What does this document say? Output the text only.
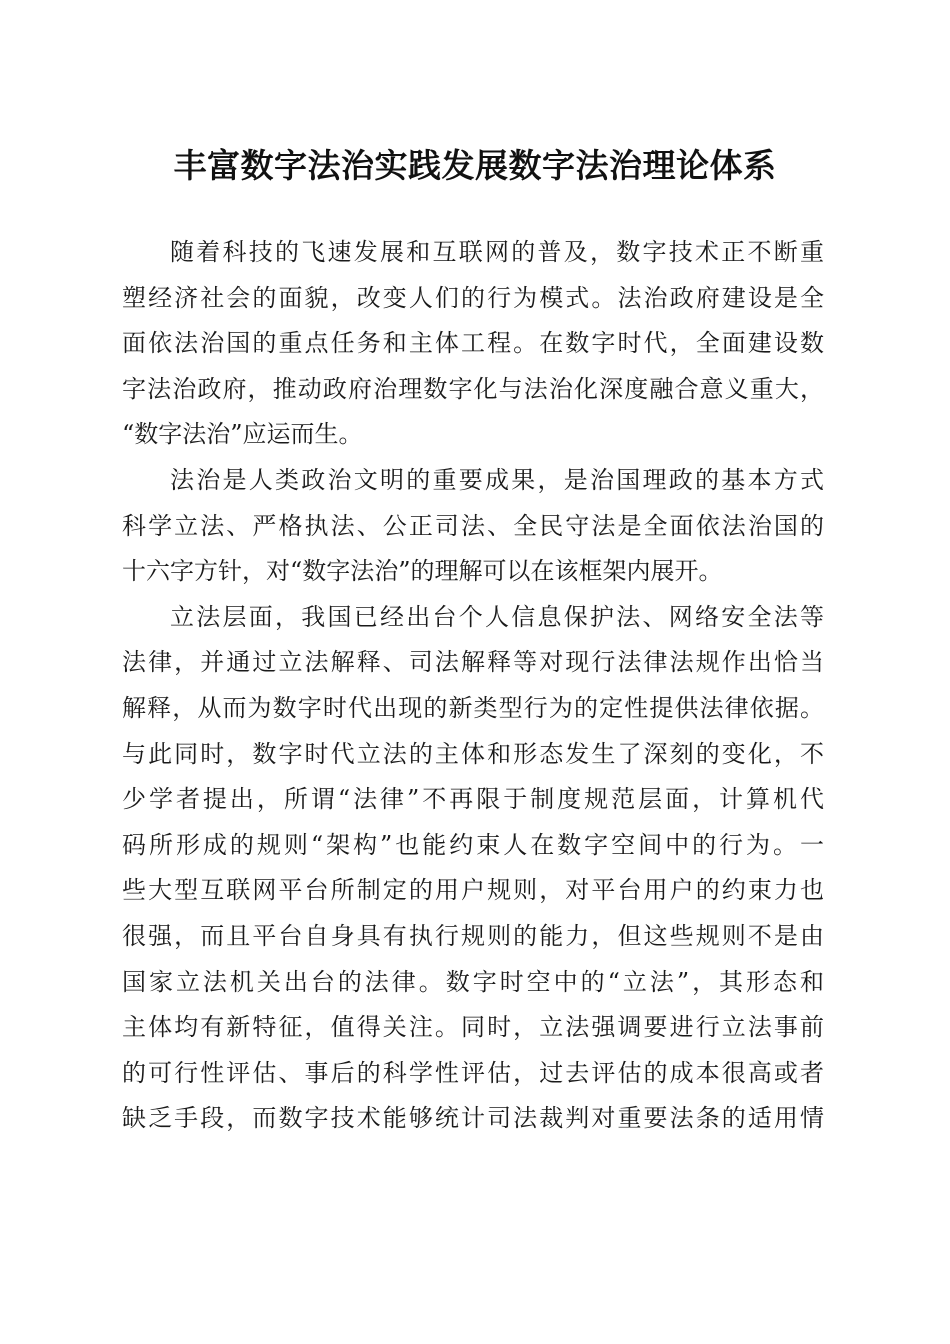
丰富数字法治实践发展数字法治理论体系
随着科技的飞速发展和互联网的普及，数字技术正不断重
塑经济社会的面貌，改变人们的行为模式。法治政府建设是全
面依法治国的重点任务和主体工程。在数字时代，全面建设数
字法治政府，推动政府治理数字化与法治化深度融合意义重大，
“数字法治”应运而生。
法治是人类政治文明的重要成果，是治国理政的基本方式
科学立法、严格执法、公正司法、全民守法是全面依法治国的
十六字方针，对“数字法治”的理解可以在该框架内展开。
立法层面，我国已经出台个人信息保护法、网络安全法等
法律，并通过立法解释、司法解释等对现行法律法规作出恰当
解释，从而为数字时代出现的新类型行为的定性提供法律依据。
与此同时，数字时代立法的主体和形态发生了深刻的变化，不
少学者提出，所谓“法律”不再限于制度规范层面，计算机代
码所形成的规则“架构”也能约束人在数字空间中的行为。一
些大型互联网平台所制定的用户规则，对平台用户的约束力也
很强，而且平台自身具有执行规则的能力，但这些规则不是由
国家立法机关出台的法律。数字时空中的“立法”，其形态和
主体均有新特征，值得关注。同时，立法强调要进行立法事前
的可行性评估、事后的科学性评估，过去评估的成本很高或者
缺乏手段，而数字技术能够统计司法裁判对重要法条的适用情
